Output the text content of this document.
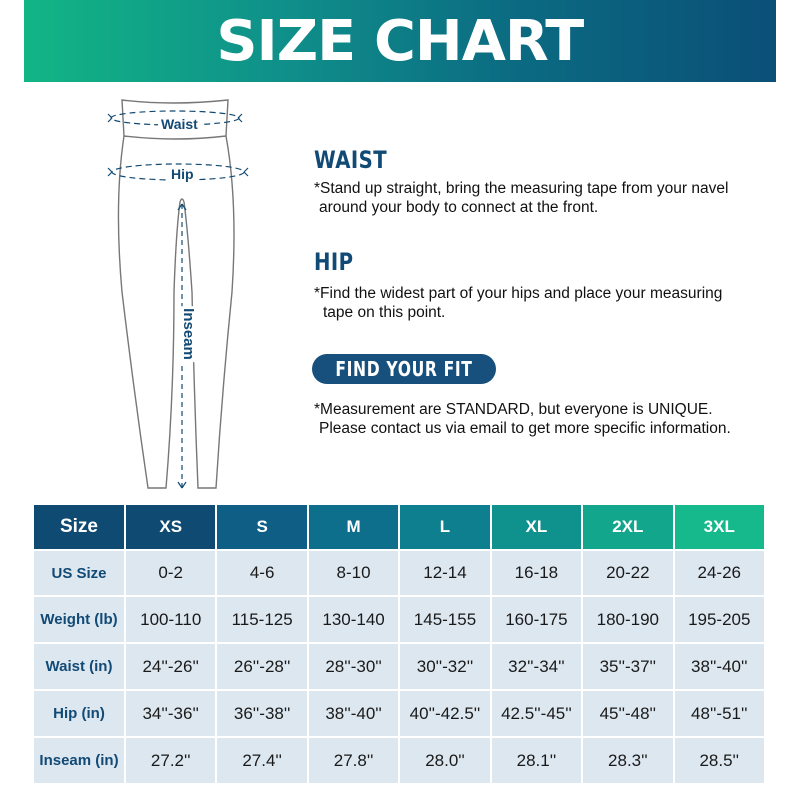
SIZE CHART
Waist
Hip
Inseam
WAIST
*Stand up straight, bring the measuring tape from your navel
around your body to connect at the front.
HIP
*Find the widest part of your hips and place your measuring
tape on this point.
FIND YOUR FIT
*Measurement are STANDARD, but everyone is UNIQUE.
Please contact us via email to get more specific information.
Size	XS	S	M	L	XL	2XL	3XL
US Size	0-2	4-6	8-10	12-14	16-18	20-22	24-26
Weight (lb)	100-110	115-125	130-140	145-155	160-175	180-190	195-205
Waist (in)	24''-26''	26''-28''	28''-30''	30''-32''	32''-34''	35''-37''	38''-40''
Hip (in)	34''-36''	36''-38''	38''-40''	40''-42.5''	42.5''-45''	45''-48''	48''-51''
Inseam (in)	27.2''	27.4''	27.8''	28.0''	28.1''	28.3''	28.5''
